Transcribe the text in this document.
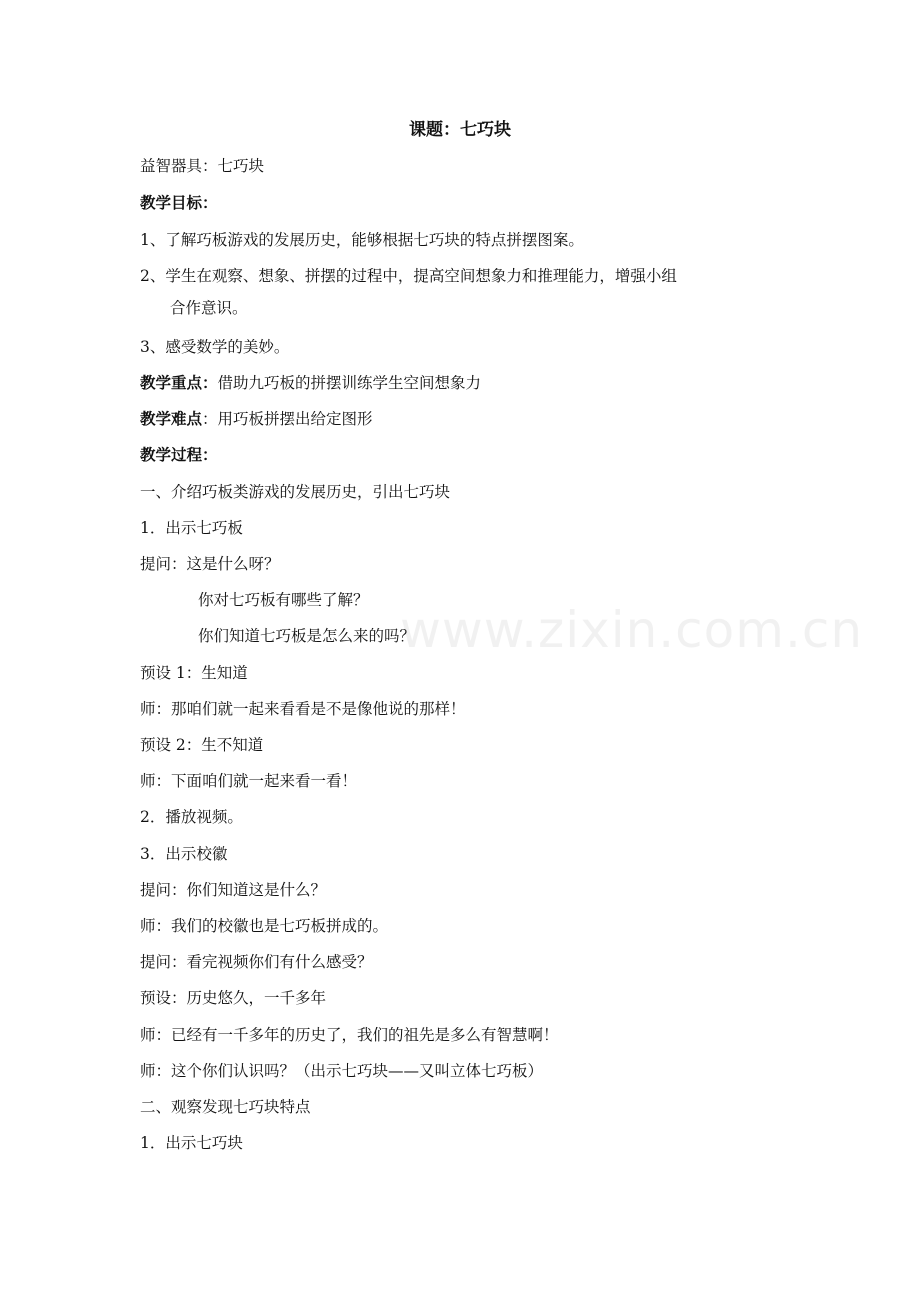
课题：七巧块
益智器具：七巧块
教学目标：
1、了解巧板游戏的发展历史，能够根据七巧块的特点拼摆图案。
2、学生在观察、想象、拼摆的过程中，提高空间想象力和推理能力，增强小组
合作意识。
3、感受数学的美妙。
教学重点：借助九巧板的拼摆训练学生空间想象力
教学难点：用巧板拼摆出给定图形
教学过程：
一、介绍巧板类游戏的发展历史，引出七巧块
1．出示七巧板
提问：这是什么呀？
你对七巧板有哪些了解？
你们知道七巧板是怎么来的吗？
预设 1：生知道
师：那咱们就一起来看看是不是像他说的那样！
预设 2：生不知道
师：下面咱们就一起来看一看！
2．播放视频。
3．出示校徽
提问：你们知道这是什么？
师：我们的校徽也是七巧板拼成的。
提问：看完视频你们有什么感受？
预设：历史悠久，一千多年
师：已经有一千多年的历史了，我们的祖先是多么有智慧啊！
师：这个你们认识吗？（出示七巧块——又叫立体七巧板）
二、观察发现七巧块特点
1．出示七巧块
www.zixin.com.cn
